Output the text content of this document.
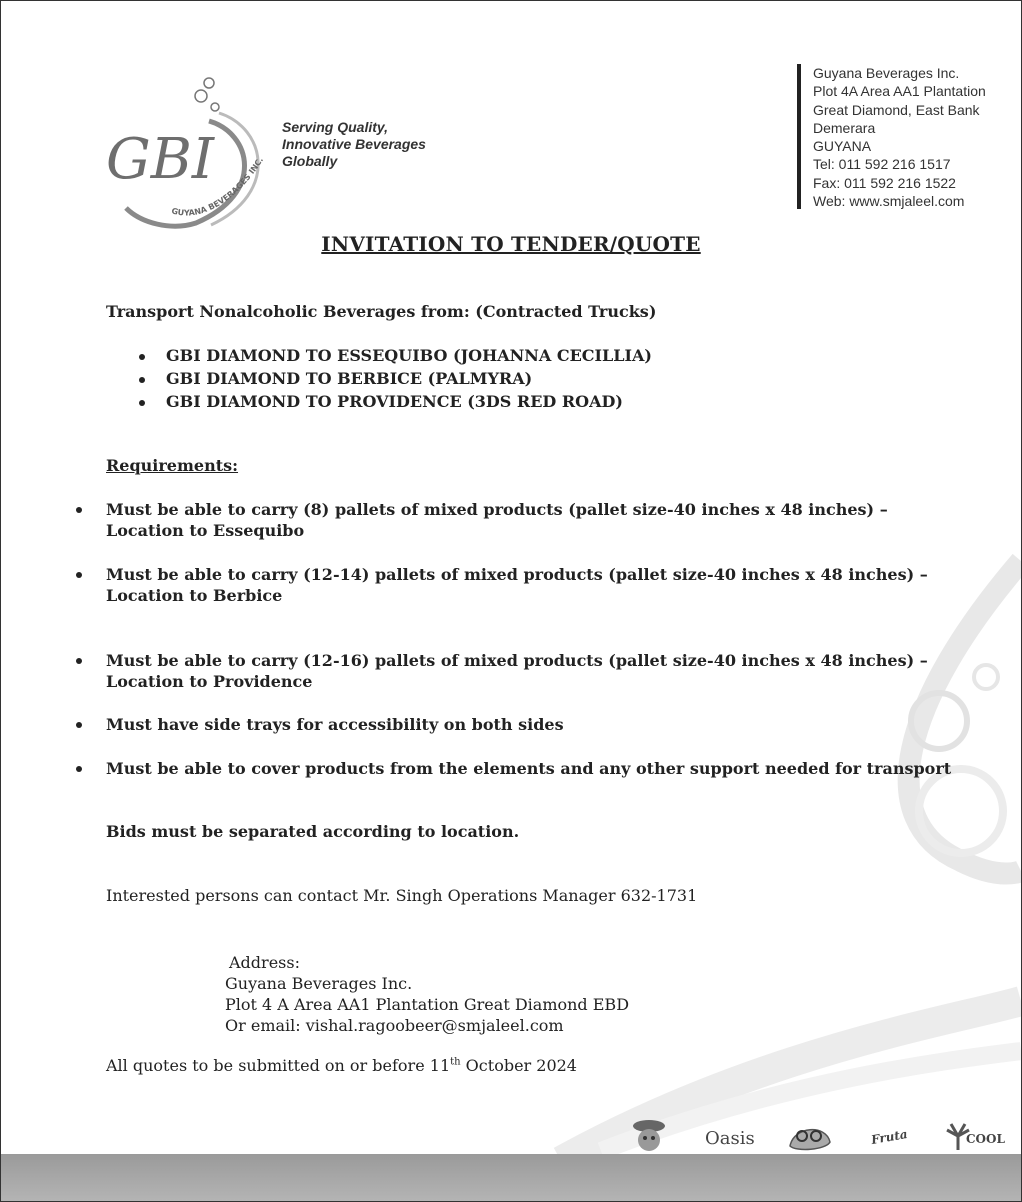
GBI
GUYANA BEVERAGES INC.
Serving Quality,
Innovative Beverages
Globally
Guyana Beverages Inc.
Plot 4A Area AA1 Plantation
Great Diamond, East Bank
Demerara
GUYANA
Tel: 011 592 216 1517
Fax: 011 592 216 1522
Web: www.smjaleel.com
INVITATION TO TENDER/QUOTE
Transport Nonalcoholic Beverages from: (Contracted Trucks)
GBI DIAMOND TO ESSEQUIBO (JOHANNA CECILLIA)
GBI DIAMOND TO BERBICE (PALMYRA)
GBI DIAMOND TO PROVIDENCE (3DS RED ROAD)
Requirements:
Must be able to carry (8) pallets of mixed products (pallet size-40 inches x 48 inches) –
Location to Essequibo
Must be able to carry (12-14) pallets of mixed products (pallet size-40 inches x 48 inches) –
Location to Berbice
Must be able to carry (12-16) pallets of mixed products (pallet size-40 inches x 48 inches) –
Location to Providence
Must have side trays for accessibility on both sides
Must be able to cover products from the elements and any other support needed for transport
Bids must be separated according to location.
Interested persons can contact Mr. Singh Operations Manager 632-1731
Address:
Guyana Beverages Inc.
Plot 4 A Area AA1 Plantation Great Diamond EBD
Or email: vishal.ragoobeer@smjaleel.com
All quotes to be submitted on or before 11th October 2024
Oasis	Fruta	COOL
